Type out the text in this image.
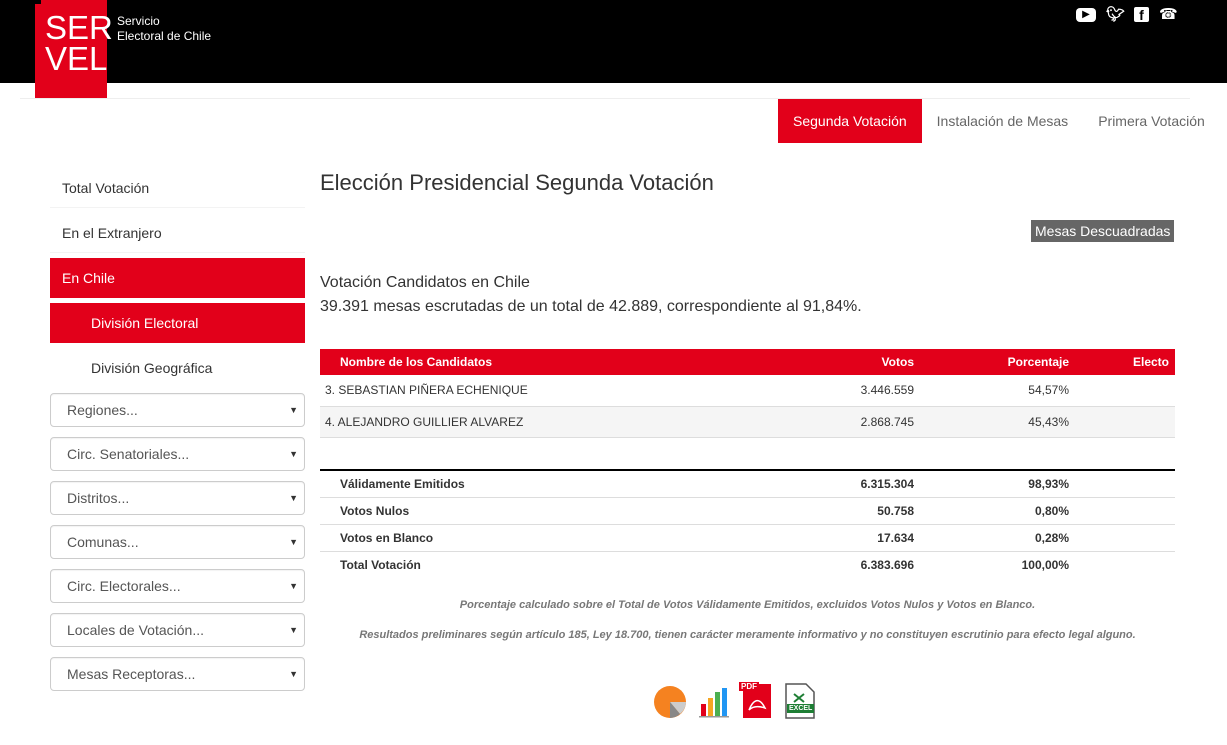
SER
VEL
Servicio
Electoral de Chile
▶	🐦︎	f	☎
Segunda Votación	Instalación de Mesas	Primera Votación
Total Votación
En el Extranjero
En Chile
División Electoral
División Geográfica
Regiones...	▼
Circ. Senatoriales...	▼
Distritos...	▼
Comunas...	▼
Circ. Electorales...	▼
Locales de Votación...	▼
Mesas Receptoras...	▼
Elección Presidencial Segunda Votación
Mesas Descuadradas
Votación Candidatos en Chile
39.391 mesas escrutadas de un total de 42.889, correspondiente al 91,84%.
Nombre de los Candidatos	Votos	Porcentaje	Electo
3. SEBASTIAN PIÑERA ECHENIQUE	3.446.559	54,57%	
4. ALEJANDRO GUILLIER ALVAREZ	2.868.745	45,43%	
Válidamente Emitidos	6.315.304	98,93%	
Votos Nulos	50.758	0,80%	
Votos en Blanco	17.634	0,28%	
Total Votación	6.383.696	100,00%	
Porcentaje calculado sobre el Total de Votos Válidamente Emitidos, excluidos Votos Nulos y Votos en Blanco.
Resultados preliminares según artículo 185, Ley 18.700, tienen carácter meramente informativo y no constituyen escrutinio para efecto legal alguno.
PDF
EXCEL
